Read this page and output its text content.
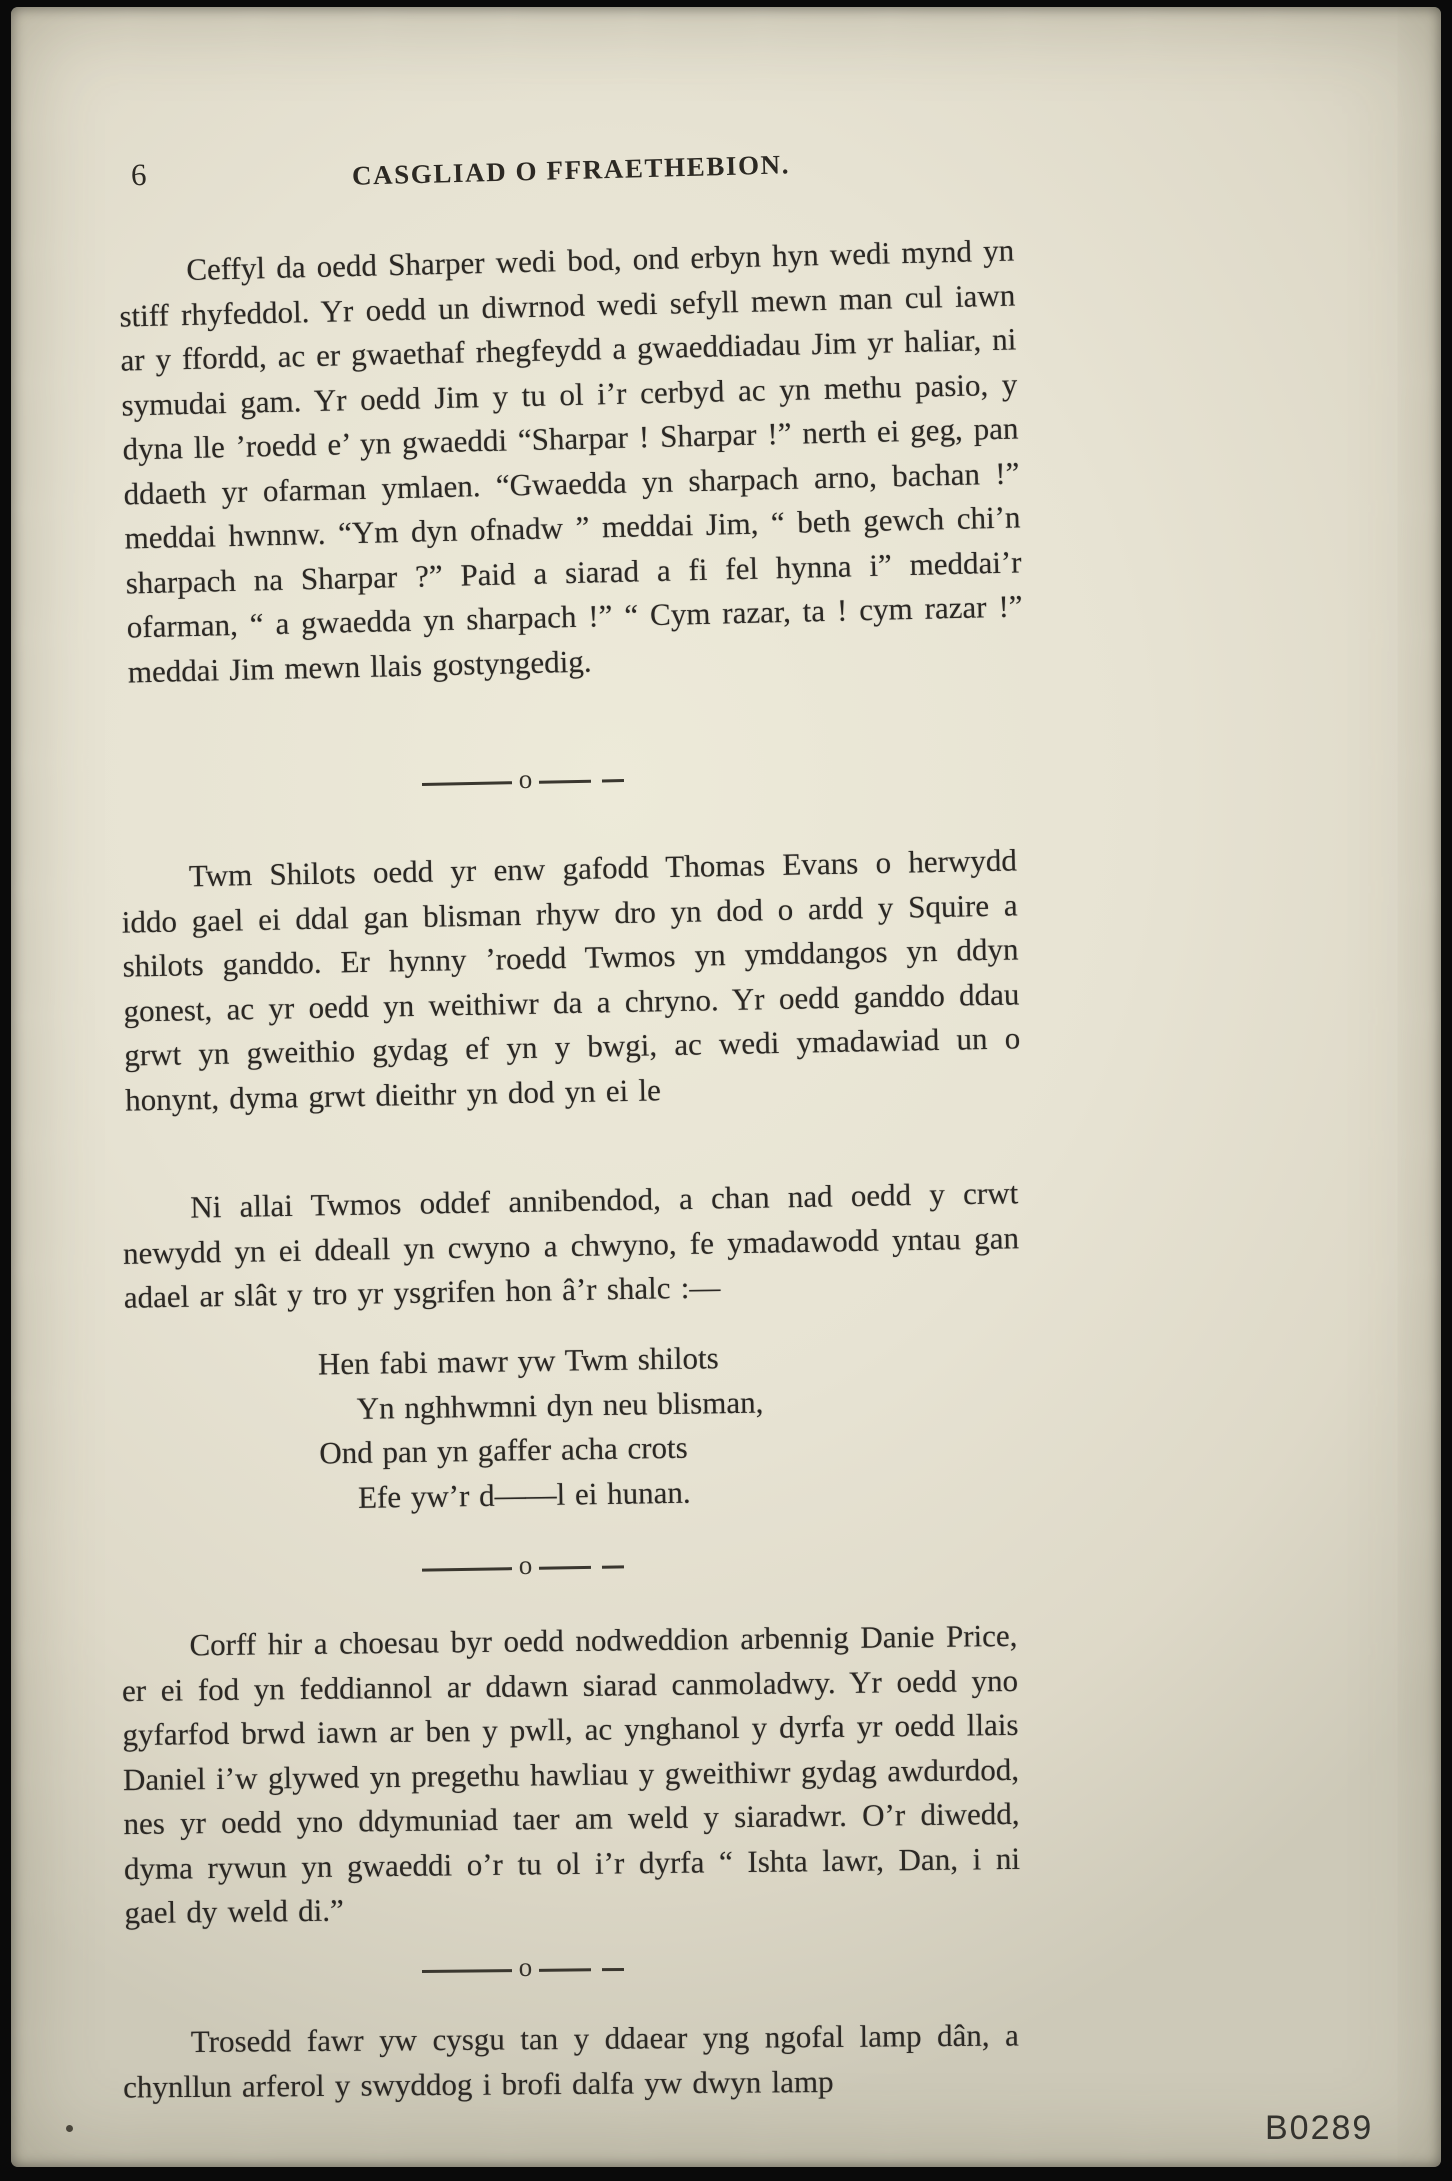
6	CASGLIAD O FFRAETHEBION.

Ceffyl da oedd Sharper wedi bod, ond erbyn hyn wedi mynd yn stiff rhyfeddol. Yr oedd un diwrnod wedi sefyll mewn man cul iawn ar y ffordd, ac er gwaethaf rhegfeydd a gwaeddiadau Jim yr haliar, ni symudai gam. Yr oedd Jim y tu ol i’r cerbyd ac yn methu pasio, y dyna lle ’roedd e’ yn gwaeddi “Sharpar ! Sharpar !” nerth ei geg, pan ddaeth yr ofarman ymlaen. “Gwaedda yn sharpach arno, bachan !” meddai hwnnw. “Ym dyn ofnadw ” meddai Jim, “ beth gewch chi’n sharpach na Sharpar ?” Paid a siarad a fi fel hynna i” meddai’r ofarman, “ a gwaedda yn sharpach !” “ Cym razar, ta ! cym razar !” meddai Jim mewn llais gostyngedig.

o

Twm Shilots oedd yr enw gafodd Thomas Evans o herwydd iddo gael ei ddal gan blisman rhyw dro yn dod o ardd y Squire a shilots ganddo. Er hynny ’roedd Twmos yn ymddangos yn ddyn gonest, ac yr oedd yn weithiwr da a chryno. Yr oedd ganddo ddau grwt yn gweithio gydag ef yn y bwgi, ac wedi ymadawiad un o honynt, dyma grwt dieithr yn dod yn ei le

Ni allai Twmos oddef annibendod, a chan nad oedd y crwt newydd yn ei ddeall yn cwyno a chwyno, fe ymadawodd yntau gan adael ar slât y tro yr ysgrifen hon â’r shalc :—

Hen fabi mawr yw Twm shilots
Yn nghhwmni dyn neu blisman,
Ond pan yn gaffer acha crots
Efe yw’r d——l ei hunan.
o

Corff hir a choesau byr oedd nodweddion arbennig Danie Price, er ei fod yn feddiannol ar ddawn siarad canmoladwy. Yr oedd yno gyfarfod brwd iawn ar ben y pwll, ac ynghanol y dyrfa yr oedd llais Daniel i’w glywed yn pregethu hawliau y gweithiwr gydag awdurdod, nes yr oedd yno ddymuniad taer am weld y siaradwr. O’r diwedd, dyma rywun yn gwaeddi o’r tu ol i’r dyrfa “ Ishta lawr, Dan, i ni gael dy weld di.”

o

Trosedd fawr yw cysgu tan y ddaear yng ngofal lamp dân, a chynllun arferol y swyddog i brofi dalfa yw dwyn lamp

B0289
